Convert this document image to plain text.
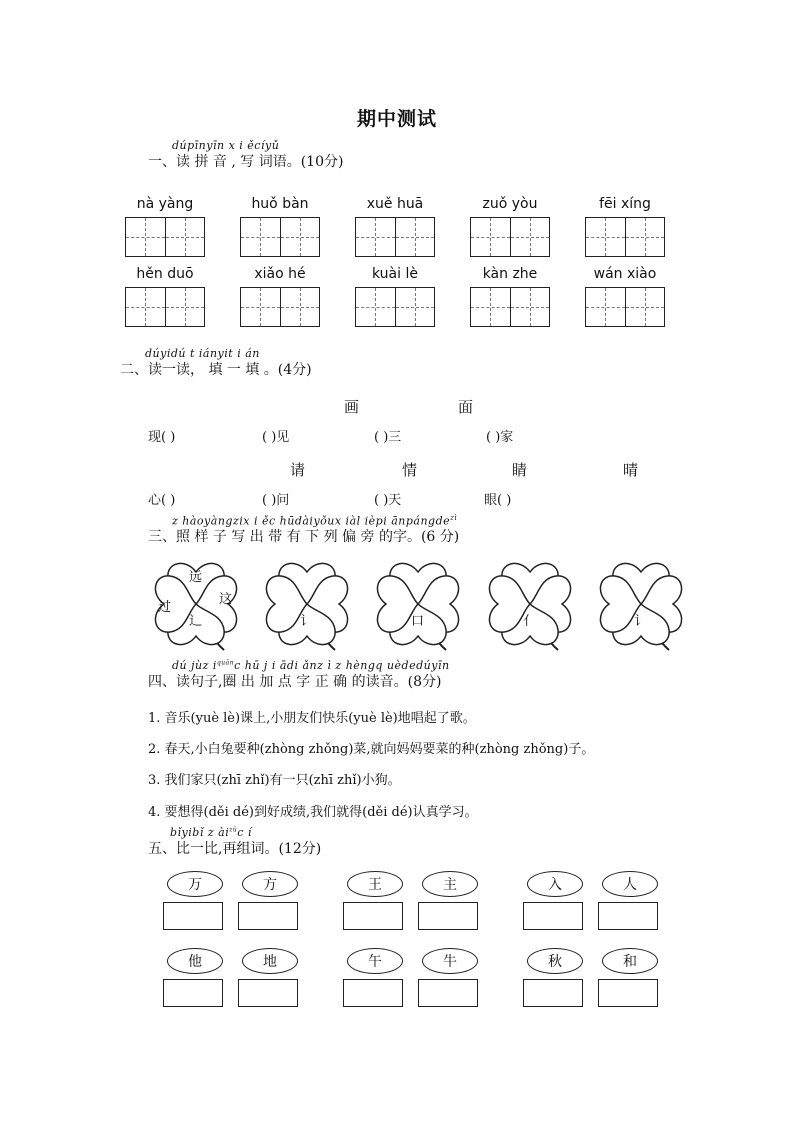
期中测试
dúpīnyīn x i ěcíyǔ
一、读 拼 音 , 写 词语。(10分)
nà yàng	huǒ bàn	xuě huā	zuǒ yòu	fēi xíng
hěn duō	xiǎo hé	kuài lè	kàn zhe	wán xiào
dúyidú t iányit i án
二、读一读， 填 一 填 。(4分)
画	面
现( )	( )见	( )三	( )家
请	情	睛	晴
心( )	( )问	( )天	眼( )
z hàoyàngzix i ěc hūdàiyǒux iàl ièpi ānpángde$^{zì}$
三、照 样 子 写 出 带 有 下 列 偏 旁 的字。(6 分)
远
过
这
辶	讠	口	亻	讠
dú jùz $i^{quān}c$ hū j i ādi ǎnz ì z hèngq uèdedúyīn
四、读句子,圈 出 加 点 字 正 确 的读音。(8分)
1. 音乐(yuè lè)课上,小朋友们快乐(yuè lè)地唱起了歌。
2. 春天,小白兔要种(zhòng zhǒng)菜,就向妈妈要菜的种(zhòng zhǒng)子。
3. 我们家只(zhī zhǐ)有一只(zhī zhǐ)小狗。
4. 要想得(děi dé)到好成绩,我们就得(děi dé)认真学习。
bǐyibǐ z $ài^{zǔ}c$ í
五、比一比,再组词。(12分)
万	方	王	主	入	人
他	地	午	牛	秋	和
